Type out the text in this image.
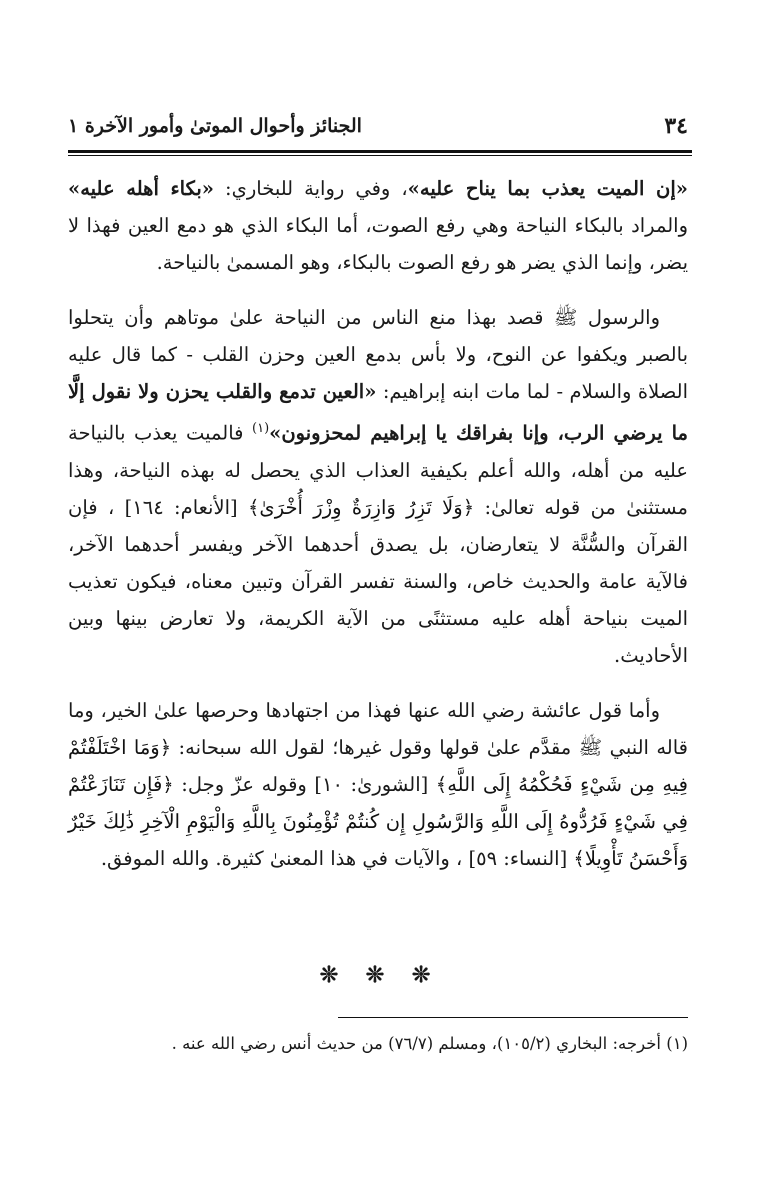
٣٤
الجنائز وأحوال الموتىٰ وأمور الآخرة ١

«إن الميت يعذب بما يناح عليه»، وفي رواية للبخاري: «بكاء أهله عليه» والمراد بالبكاء النياحة وهي رفع الصوت، أما البكاء الذي هو دمع العين فهذا لا يضر، وإنما الذي يضر هو رفع الصوت بالبكاء، وهو المسمىٰ بالنياحة.

والرسول ﷺ قصد بهذا منع الناس من النياحة علىٰ موتاهم وأن يتحلوا بالصبر ويكفوا عن النوح، ولا بأس بدمع العين وحزن القلب - كما قال عليه الصلاة والسلام - لما مات ابنه إبراهيم: «العين تدمع والقلب يحزن ولا نقول إلَّا ما يرضي الرب، وإنا بفراقك يا إبراهيم لمحزونون»$^{(١)}$ فالميت يعذب بالنياحة عليه من أهله، والله أعلم بكيفية العذاب الذي يحصل له بهذه النياحة، وهذا مستثنىٰ من قوله تعالىٰ: ﴿وَلَا تَزِرُ وَازِرَةٌ وِزْرَ أُخْرَىٰ﴾ [الأنعام: ١٦٤] ، فإن القرآن والسُّنَّة لا يتعارضان، بل يصدق أحدهما الآخر ويفسر أحدهما الآخر، فالآية عامة والحديث خاص، والسنة تفسر القرآن وتبين معناه، فيكون تعذيب الميت بنياحة أهله عليه مستثنًى من الآية الكريمة، ولا تعارض بينها وبين الأحاديث.

وأما قول عائشة رضي الله عنها فهذا من اجتهادها وحرصها علىٰ الخير، وما قاله النبي ﷺ مقدَّم علىٰ قولها وقول غيرها؛ لقول الله سبحانه: ﴿وَمَا اخْتَلَفْتُمْ فِيهِ مِن شَيْءٍ فَحُكْمُهُ إِلَى اللَّهِ﴾ [الشورىٰ: ١٠] وقوله عزّ وجل: ﴿فَإِن تَنَازَعْتُمْ فِي شَيْءٍ فَرُدُّوهُ إِلَى اللَّهِ وَالرَّسُولِ إِن كُنتُمْ تُؤْمِنُونَ بِاللَّهِ وَالْيَوْمِ الْآخِرِ ذَٰلِكَ خَيْرٌ وَأَحْسَنُ تَأْوِيلًا﴾ [النساء: ٥٩] ، والآيات في هذا المعنىٰ كثيرة. والله الموفق.

❊ ❊ ❊
(١) أخرجه: البخاري (١٠٥/٢)، ومسلم (٧٦/٧) من حديث أنس رضي الله عنه .
